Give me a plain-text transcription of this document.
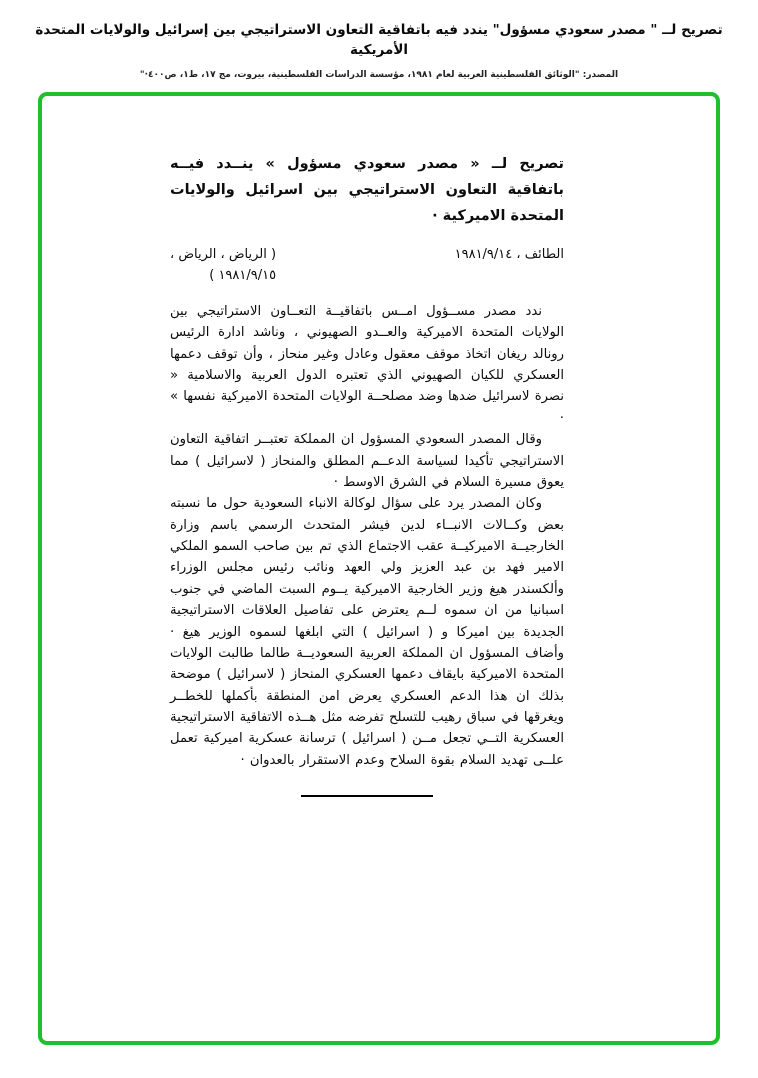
تصريح لــ " مصدر سعودي مسؤول" يندد فيه باتفاقية التعاون الاستراتيجي بين إسرائيل والولايات المتحدة الأمريكية
المصدر: "الوثائق الفلسطينية العربية لعام ١٩٨١، مؤسسة الدراسات الفلسطينية، بيروت، مج ١٧، ط١، ص٤٠٠·"
تصريح لــ « مصدر سعودي مسؤول » ينــدد فيــه باتفاقية التعاون الاستراتيجي بين اسرائيل والولايات المتحدة الاميركية ·
الطائف ، ١٩٨١/٩/١٤
( الرياض ، الرياض ،
١٩٨١/٩/١٥ )

ندد مصدر مســؤول امــس باتفاقيــة التعــاون الاستراتيجي بين الولايات المتحدة الاميركية والعــدو الصهيوني ، وناشد ادارة الرئيس رونالد ريغان اتخاذ موقف معقول وعادل وغير منحاز ، وأن توقف دعمها العسكري للكيان الصهيوني الذي تعتبره الدول العربية والاسلامية « نصرة لاسرائيل ضدها وضد مصلحــة الولايات المتحدة الاميركية نفسها » ·

وقال المصدر السعودي المسؤول ان المملكة تعتبــر اتفاقية التعاون الاستراتيجي تأكيدا لسياسة الدعــم المطلق والمنحاز ( لاسرائيل ) مما يعوق مسيرة السلام في الشرق الاوسط ·

وكان المصدر يرد على سؤال لوكالة الانباء السعودية حول ما نسبته بعض وكــالات الانبــاء لدين فيشر المتحدث الرسمي باسم وزارة الخارجيــة الاميركيــة عقب الاجتماع الذي تم بين صاحب السمو الملكي الامير فهد بن عبد العزيز ولي العهد ونائب رئيس مجلس الوزراء وألكسندر هيغ وزير الخارجية الاميركية يــوم السبت الماضي في جنوب اسبانيا من ان سموه لــم يعترض على تفاصيل العلاقات الاستراتيجية الجديدة بين اميركا و ( اسرائيل ) التي ابلغها لسموه الوزير هيغ · وأضاف المسؤول ان المملكة العربية السعوديــة طالما طالبت الولايات المتحدة الاميركية بايقاف دعمها العسكري المنحاز ( لاسرائيل ) موضحة بذلك ان هذا الدعم العسكري يعرض امن المنطقة بأكملها للخطــر ويغرقها في سباق رهيب للتسلح تفرضه مثل هــذه الاتفاقية الاستراتيجية العسكرية التــي تجعل مــن ( اسرائيل ) ترسانة عسكرية اميركية تعمل علــى تهديد السلام بقوة السلاح وعدم الاستقرار بالعدوان ·
